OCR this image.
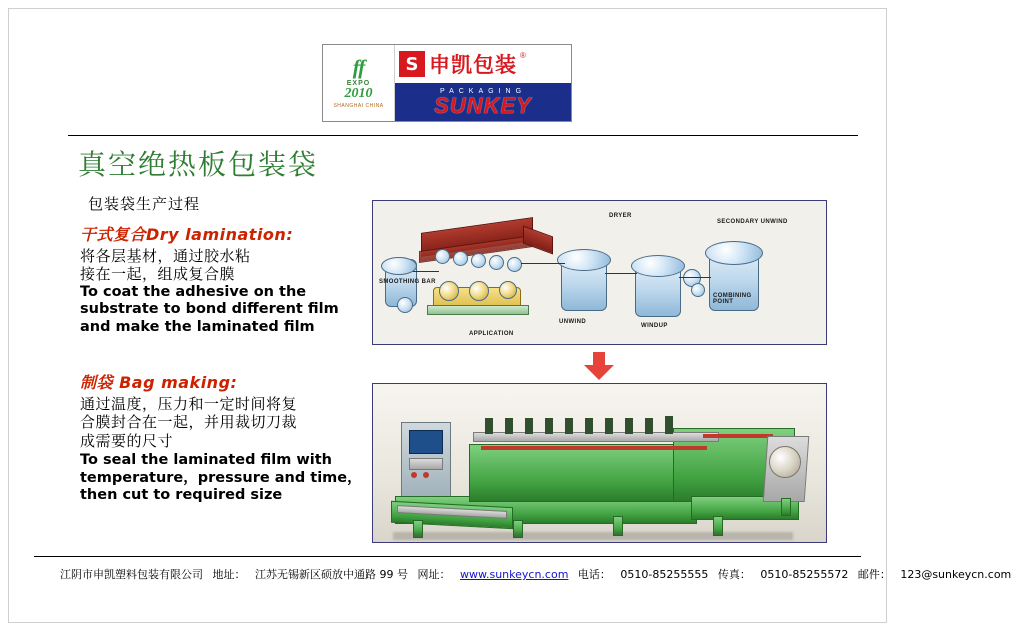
ff
EXPO
2010
SHANGHAI CHINA
S 申凯包装 ®
PACKAGING
SUNKEY
真空绝热板包装袋
包装袋生产过程

干式复合Dry lamination:

将各层基材，通过胶水粘

接在一起，组成复合膜

To coat the adhesive on the

substrate to bond different film

and make the laminated film

制袋 Bag making:

通过温度，压力和一定时间将复

合膜封合在一起，并用裁切刀裁

成需要的尺寸

To seal the laminated film with

temperature，pressure and time，

then cut to required size

DRYER
SECONDARY UNWIND
SMOOTHING BAR
UNWIND
WINDUP
COMBINING POINT
APPLICATION
江阴市申凯塑料包装有限公司 地址： 江苏无锡新区硕放中通路 99 号 网址： www.sunkeycn.com 电话： 0510-85255555 传真： 0510-85255572 邮件： 123@sunkeycn.com
